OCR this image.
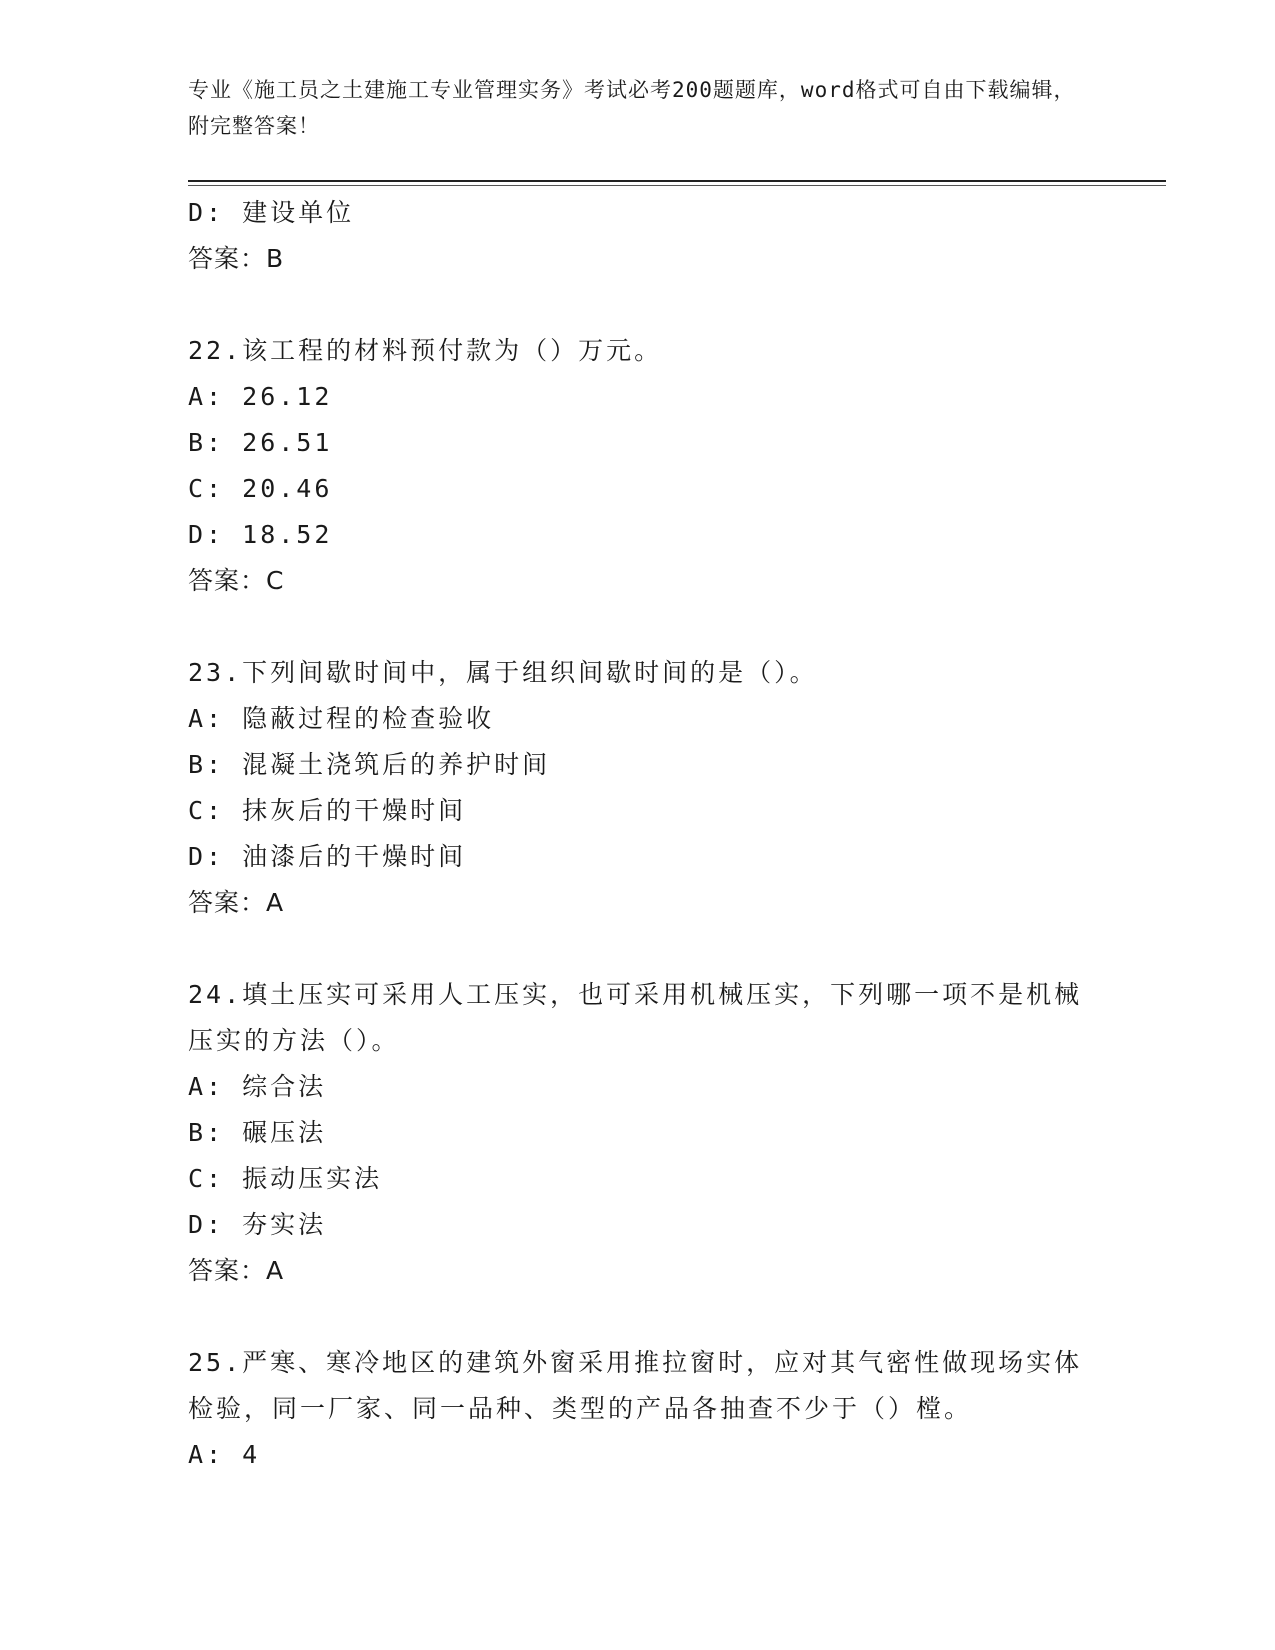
专业《施工员之土建施工专业管理实务》考试必考200题题库，word格式可自由下载编辑，附完整答案！
D: 建设单位
答案：B
22.该工程的材料预付款为（）万元。
A: 26.12
B: 26.51
C: 20.46
D: 18.52
答案：C
23.下列间歇时间中，属于组织间歇时间的是（）。
A: 隐蔽过程的检查验收
B: 混凝土浇筑后的养护时间
C: 抹灰后的干燥时间
D: 油漆后的干燥时间
答案：A
24.填土压实可采用人工压实，也可采用机械压实，下列哪一项不是机械压实的方法（）。
A: 综合法
B: 碾压法
C: 振动压实法
D: 夯实法
答案：A
25.严寒、寒冷地区的建筑外窗采用推拉窗时，应对其气密性做现场实体检验，同一厂家、同一品种、类型的产品各抽查不少于（）樘。
A: 4
